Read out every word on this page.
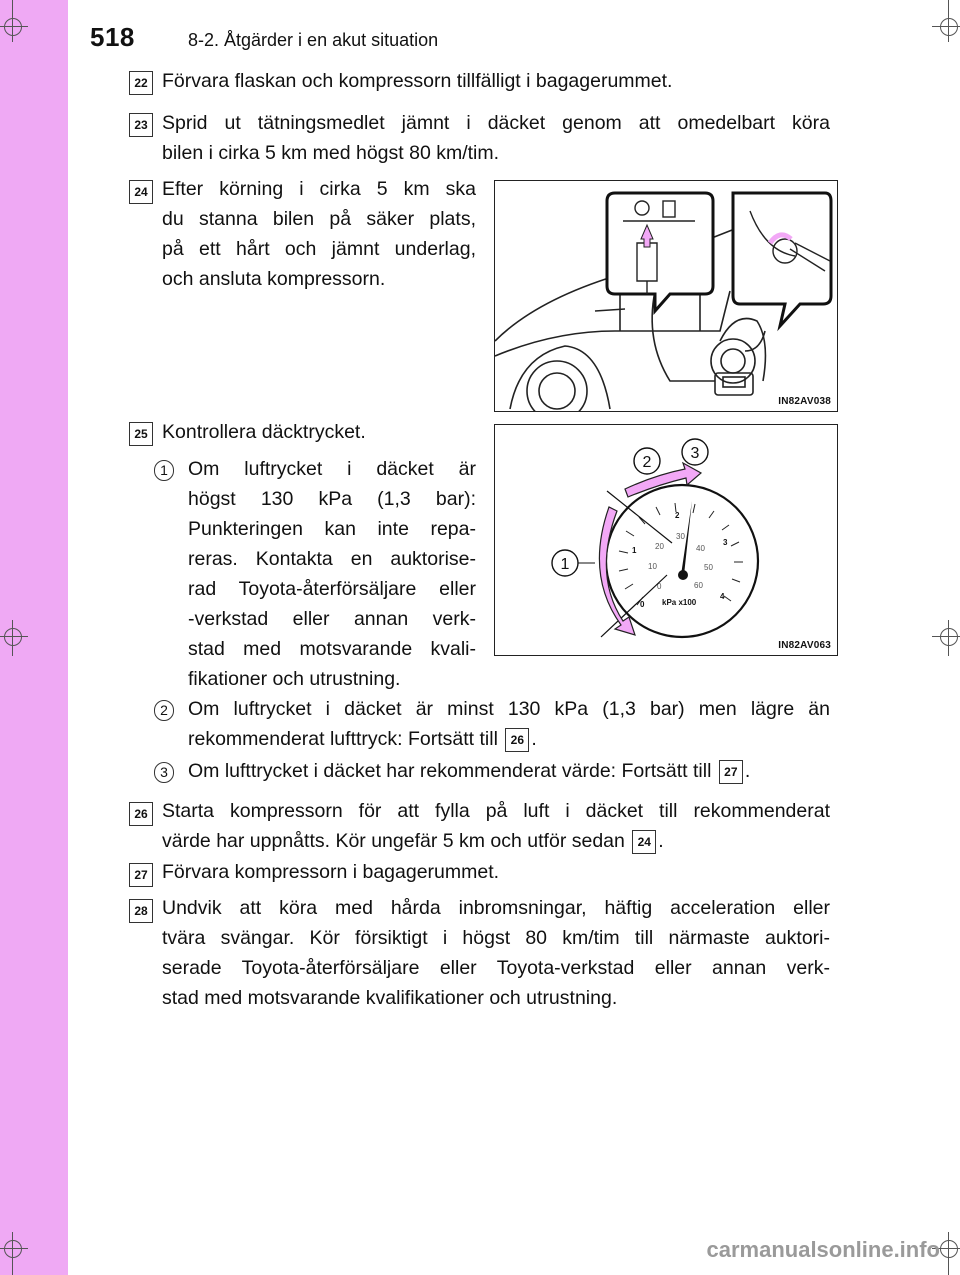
518	8-2. Åtgärder i en akut situation
22 Förvara flaskan och kompressorn tillfälligt i bagagerummet.
23 Sprid ut tätningsmedlet jämnt i däcket genom att omedelbart köra
bilen i cirka 5 km med högst 80 km/tim.
24 Efter körning i cirka 5 km ska
du stanna bilen på säker plats,
på ett hårt och jämnt underlag,
och ansluta kompressorn.
IN82AV038
25 Kontrollera däcktrycket.
1	Om luftrycket i däcket är
högst 130 kPa (1,3 bar):
Punkteringen kan inte repa-
reras. Kontakta en auktorise-
rad Toyota-återförsäljare eller
-verkstad eller annan verk-
stad med motsvarande kvali-
fikationer och utrustning.
0
1
2
3
4
0
10
20
30
40
50
60
kPa x100
1
2
3
IN82AV063
2	Om luftrycket i däcket är minst 130 kPa (1,3 bar) men lägre än
rekommenderat lufttryck: Fortsätt till 26 .
3	Om lufttrycket i däcket har rekommenderat värde: Fortsätt till 27 .
26 Starta kompressorn för att fylla på luft i däcket till rekommenderat
värde har uppnåtts. Kör ungefär 5 km och utför sedan 24 .
27 Förvara kompressorn i bagagerummet.
28 Undvik att köra med hårda inbromsningar, häftig acceleration eller
tvära svängar. Kör försiktigt i högst 80 km/tim till närmaste auktori-
serade Toyota-återförsäljare eller Toyota-verkstad eller annan verk-
stad med motsvarande kvalifikationer och utrustning.
carmanualsonline.info
